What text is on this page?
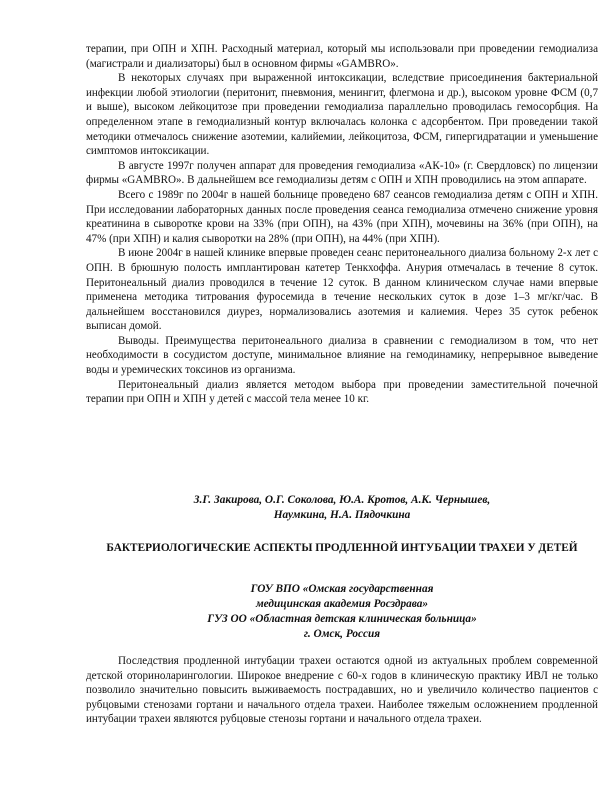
терапии, при ОПН и ХПН. Расходный материал, который мы использовали при проведении гемодиализа (магистрали и диализаторы) был в основном фирмы «GAMBRO».

В некоторых случаях при выраженной интоксикации, вследствие присоединения бактериальной инфекции любой этиологии (перитонит, пневмония, менингит, флегмона и др.), высоком уровне ФСМ (0,7 и выше), высоком лейкоцитозе при проведении гемодиализа параллельно проводилась гемосорбция. На определенном этапе в гемодиализный контур включалась колонка с адсорбентом. При проведении такой методики отмечалось снижение азотемии, калийемии, лейкоцитоза, ФСМ, гипергидратации и уменьшение симптомов интоксикации.

В августе 1997г получен аппарат для проведения гемодиализа «АК-10» (г. Свердловск) по лицензии фирмы «GAMBRO». В дальнейшем все гемодиализы детям с ОПН и ХПН проводились на этом аппарате.

Всего с 1989г по 2004г в нашей больнице проведено 687 сеансов гемодиализа детям с ОПН и ХПН. При исследовании лабораторных данных после проведения сеанса гемодиализа отмечено снижение уровня креатинина в сыворотке крови на 33% (при ОПН), на 43% (при ХПН), мочевины на 36% (при ОПН), на 47% (при ХПН) и калия сыворотки на 28% (при ОПН), на 44% (при ХПН).

В июне 2004г в нашей клинике впервые проведен сеанс перитонеального диализа больному 2-х лет с ОПН. В брюшную полость имплантирован катетер Тенкхоффа. Анурия отмечалась в течение 8 суток. Перитонеальный диализ проводился в течение 12 суток. В данном клиническом случае нами впервые применена методика титрования фуросемида в течение нескольких суток в дозе 1–3 мг/кг/час. В дальнейшем восстановился диурез, нормализовались азотемия и калиемия. Через 35 суток ребенок выписан домой.

Выводы. Преимущества перитонеального диализа в сравнении с гемодиализом в том, что нет необходимости в сосудистом доступе, минимальное влияние на гемодинамику, непрерывное выведение воды и уремических токсинов из организма.

Перитонеальный диализ является методом выбора при проведении заместительной почечной терапии при ОПН и ХПН у детей с массой тела менее 10 кг.

З.Г. Закирова, О.Г. Соколова, Ю.А. Кротов, А.К. Чернышев,
Наумкина, Н.А. Пядочкина
БАКТЕРИОЛОГИЧЕСКИЕ АСПЕКТЫ ПРОДЛЕННОЙ ИНТУБАЦИИ ТРАХЕИ У ДЕТЕЙ
ГОУ ВПО «Омская государственная
медицинская академия Росздрава»
ГУЗ ОО «Областная детская клиническая больница»
г. Омск, Россия

Последствия продленной интубации трахеи остаются одной из актуальных проблем современной детской оториноларингологии. Широкое внедрение с 60-х годов в клиническую практику ИВЛ не только позволило значительно повысить выживаемость пострадавших, но и увеличило количество пациентов с рубцовыми стенозами гортани и начального отдела трахеи. Наиболее тяжелым осложнением продленной интубации трахеи являются рубцовые стенозы гортани и начального отдела трахеи.
